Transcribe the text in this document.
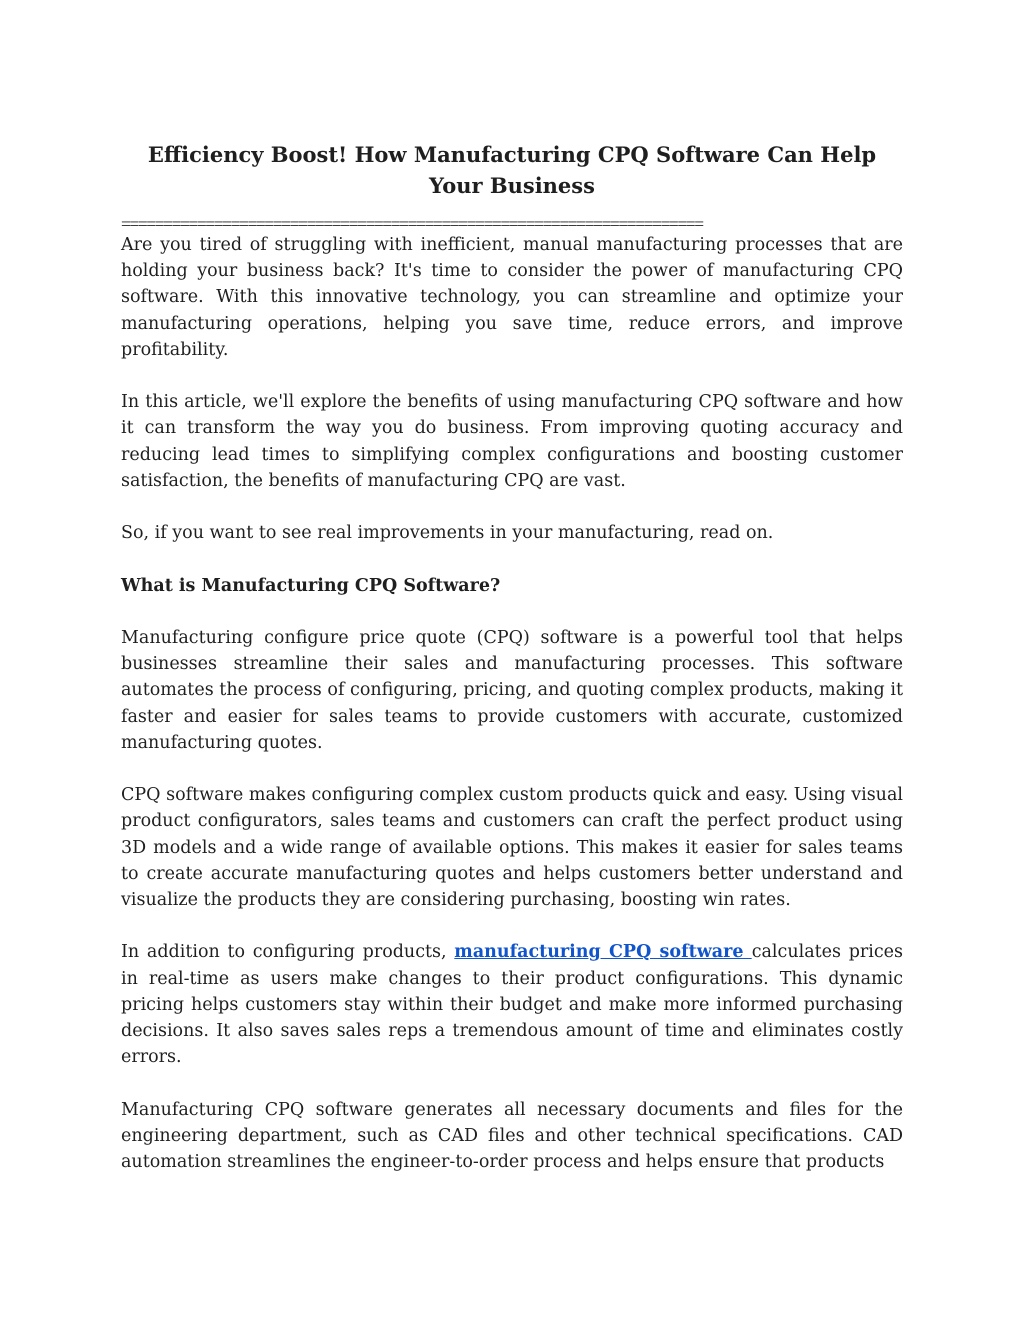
Efficiency Boost! How Manufacturing CPQ Software Can Help Your Business
=====================================================================

Are you tired of struggling with inefficient, manual manufacturing processes that are holding your business back? It's time to consider the power of manufacturing CPQ software. With this innovative technology, you can streamline and optimize your manufacturing operations, helping you save time, reduce errors, and improve profitability.

In this article, we'll explore the benefits of using manufacturing CPQ software and how it can transform the way you do business. From improving quoting accuracy and reducing lead times to simplifying complex configurations and boosting customer satisfaction, the benefits of manufacturing CPQ are vast.

So, if you want to see real improvements in your manufacturing, read on.

What is Manufacturing CPQ Software?

Manufacturing configure price quote (CPQ) software is a powerful tool that helps businesses streamline their sales and manufacturing processes. This software automates the process of configuring, pricing, and quoting complex products, making it faster and easier for sales teams to provide customers with accurate, customized manufacturing quotes.

CPQ software makes configuring complex custom products quick and easy. Using visual product configurators, sales teams and customers can craft the perfect product using 3D models and a wide range of available options. This makes it easier for sales teams to create accurate manufacturing quotes and helps customers better understand and visualize the products they are considering purchasing, boosting win rates.

In addition to configuring products, manufacturing CPQ software calculates prices in real-time as users make changes to their product configurations. This dynamic pricing helps customers stay within their budget and make more informed purchasing decisions. It also saves sales reps a tremendous amount of time and eliminates costly errors.

Manufacturing CPQ software generates all necessary documents and files for the engineering department, such as CAD files and other technical specifications. CAD automation streamlines the engineer-to-order process and helps ensure that products
